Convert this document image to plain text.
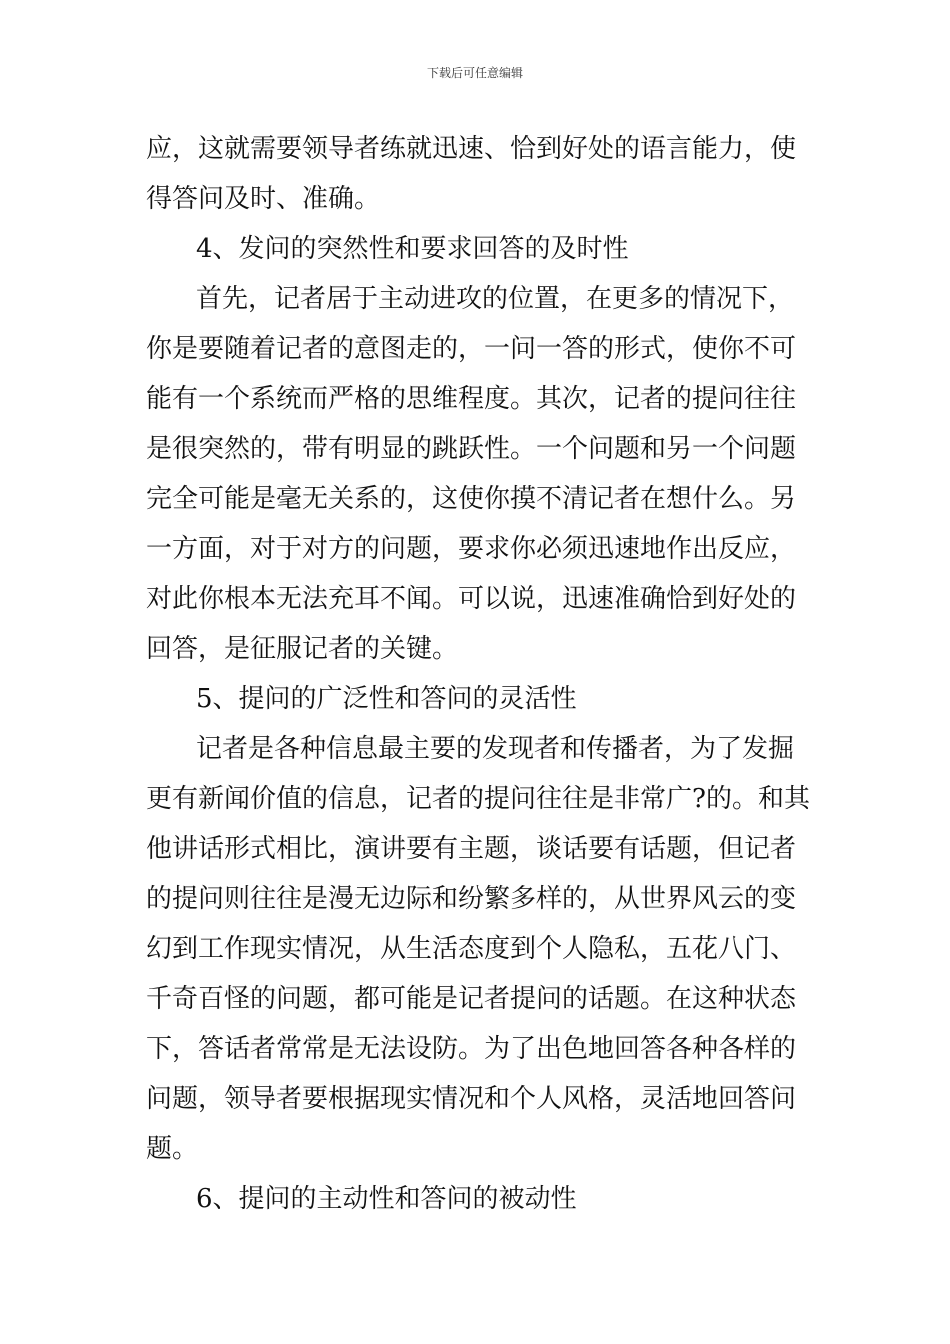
下载后可任意编辑
应，这就需要领导者练就迅速、恰到好处的语言能力，使
得答问及时、准确。
4、发问的突然性和要求回答的及时性
首先，记者居于主动进攻的位置，在更多的情况下，
你是要随着记者的意图走的，一问一答的形式，使你不可
能有一个系统而严格的思维程度。其次，记者的提问往往
是很突然的，带有明显的跳跃性。一个问题和另一个问题
完全可能是毫无关系的，这使你摸不清记者在想什么。另
一方面，对于对方的问题，要求你必须迅速地作出反应，
对此你根本无法充耳不闻。可以说，迅速准确恰到好处的
回答，是征服记者的关键。
5、提问的广泛性和答问的灵活性
记者是各种信息最主要的发现者和传播者，为了发掘
更有新闻价值的信息，记者的提问往往是非常广?的。和其
他讲话形式相比，演讲要有主题，谈话要有话题，但记者
的提问则往往是漫无边际和纷繁多样的，从世界风云的变
幻到工作现实情况，从生活态度到个人隐私，五花八门、
千奇百怪的问题，都可能是记者提问的话题。在这种状态
下，答话者常常是无法设防。为了出色地回答各种各样的
问题，领导者要根据现实情况和个人风格，灵活地回答问
题。
6、提问的主动性和答问的被动性
